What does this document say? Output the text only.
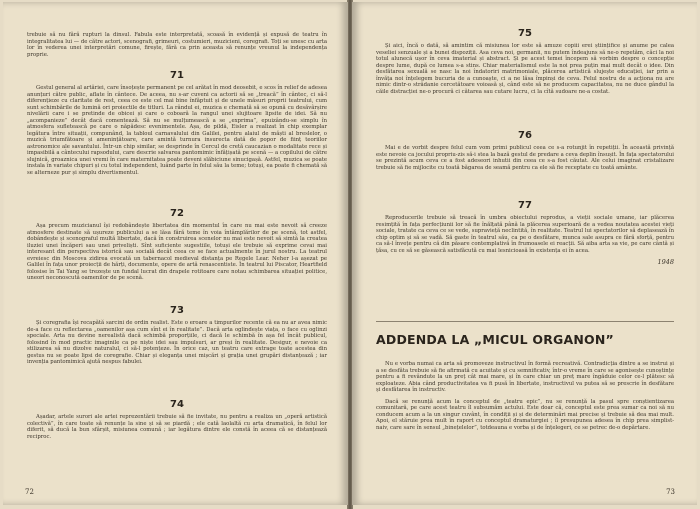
trebuie să nu fără rupturi la dinsul. Fabula este interpretată, scoasă în evidență și expusă de teatru în integralitatea lui — de către actori, scenografi, grimeuri, costumieri, muzicieni, coregrafi. Toți se unesc cu arta lor în vederea unei interpretări comune, firește, fără ca prin aceasta să renunțe vreunul la independența proprie.

71

Gestul general al artăriei, care însoțește permanent pe cel arătat în mod deosebit, e scos în relief de adesea anunțuri către public, aflate în cântece. De aceea, nu s-ar cuveni ca actorii să se „treacă” în cântec, ci să-l diferențieze cu claritate de rest, ceea ce este cel mai bine înfăptuit și de unele măsuri proprii teatrului, cum sunt schimbările de lumină ori proiectile de titluri. La rândul ei, muzica e chemată să se opună cu desăvârșire nivelării care i se pretinde de obicei și care o coboară la rangul unei slujitoare lipsite de idei. Să nu „acompanieze” decât dacă comentează. Să nu se mulțumească a se „exprima”, epuizându-se simplu în atmosfera sufletească pe care o năpădesc evenimentele. Așa, de pildă, Eisler a realizat în chip exemplar legătura între situații, compunând, la tabloul carnavalului din Galilei, pentru alaiul de măști al breslelor, o muzică triumfătoare și amenințătoare, care amintă turnura insurecta dată de popor de ființ teoriilor astronomice ale savantului. Într-un chip similar, se desprinde în Cercul de cretă caucazian o modalitate rece și impasibilă a cântecului rapsodului, care descrie salvarea pantomimic înfățișată pe scenă — a copilului de către slujnică, groaznica unei vremi în care maternitatea poate deveni slăbiciune sinucigașă. Astfel, muzica se poate instala în variate chipuri și cu totul independent, luând parte în felul său la teme; totuși, ea poate fi chemată să se alterneze pur și simplu divertismentul.

72

Așa precum muzicianul își redobândește libertatea din momentul în care nu mai este nevoit să creeze atmosfere destinate să ușureze publicului a se lăsa fără teme în voia întâmplărilor de pe scenă, tot astfel, dobândește și scenograful multă libertate, dacă în construirea scenelor nu mai este nevoit să simtă la createa iluziei unei încăperi sau unei priveliști. Sînt suficiente sugestiile, totuși ele trebuie să exprime cevai mai interesant din perspectiva istorică sau socială decât ceea ce se face actualmente în jurul nostru. La teatrul evreiesc din Moscova zidirea evocată un tabernacol medieval distanța pe Regele Lear. Neher l-a așezat pe Galilei în fața unor proiecții de hărți, documente, opere de artă renascentiste. În teatrul lui Piscator, Heartfield folosise în Tai Yang se trezește un fundal lucrat din drapele rotitoare care notau schimbarea situației politice, uneori neconoscută oamenilor de pe scenă.

73

Și coregrafia își recapătă sarcini de ordin realist. Este o eroare a timpurilor recente că ea nu ar avea nimic de-a face cu reflectarea „oamenilor așa cum sînt ei în realitate”. Dacă arta oglindește viața, o face cu oglinzi speciale. Arta nu devine nerealistă dacă schimbă proporțiile, ci dacă le schimbă în așa fel încât publicul, folosind în mod practic imaginile ca pe niște idei sau impulsuri, ar greși în realitate. Desigur, e nevoie ca stilizarea să nu dizolve naturalul, ci să-l potențeze. În orice caz, un teatru care extrage toate acestea din gestus nu se poate lipsi de coregrafie. Chiar și eleganța unei mișcări și grația unei grupări distanțează ; iar invenția pantomimică ajută nespus fabulei.

74

Așadar, artele surori ale artei reprezentării trebuie să fie invitate, nu pentru a realiza un „operă artistică colectivă”, în care toate să renunțe la sine și să se piardă ; ele cată laolaltă cu arta dramatică, în felul lor diferit, să ducă la bun sfârșit, misiunea comună ; iar legătura dintre ele constă în aceea că se distanțează reciproc.

72

75

Și aici, încă o dată, să amintim că misiunea lor este să amuze copiii erei științifice și anume pe calea veseliei senzuale și a bunei dispoziții. Asa ceva noi, germanii, nu putem îndeajuns să ne-o repetăm, căci la noi totul alunecă ușor în ceva imaterial și abstract. Și pe acest temei începem să vorbim despre o concepție despre lume, după ce lumea s-a stins. Chiar materialismul este la noi prea puțin mai mult decât o idee. Din desfătarea sexuală se nasc la noi îndatoriri matrimoniale, plăcerea artistică slujește educației, iar prin a învăța noi înțelegem bucuria de a cunoaște, ci a ne lăsa împinși de ceva. Felul nostru de a acționa nu are nimic dintr-o strădanie cercetătoare voioasă și, când este să ne producem capacitatea, nu ne duce gândul la căile distracției ne-o procură ci cătarea sau cutare lucru, ci la cîtă sudoare ne-a costat.

76

Mai e de vorbit despre felul cum vom primi publicul ceea ce s-a rotunjit în repetiții. În această privință este nevoie ca jocului propriu-zis să-i stea la bază gestul de predare a ceva deplin însușit. În fața spectatorului se prezintă acum ceva ce a fost adeseori inhutii din ceea ce s-a fost căutat. Ale celui imaginat cristalizare trebuie să fie mijlocite cu toată băgarea de seamă pentru ca ele să fie receptate cu toată amânte.

77

Reproducerile trebuie să treacă în umbra obiectului reprodus, a vieții sociale umane, iar plăcerea resimțită în fața perfecțiunii lor să fie înălțată până la plăcerea superioară de a vedea noutatea acestei vieți sociale, tratate ca ceva ce se vede, supravieță neclintită, în realitate. Teatrul lui spectatorilor să deplasează în chip optim și să se vadă. Să gaste în teatrul său, ca pe o desfătare, munca sale asupra ce fără sforță, pentru ca să-l învețe pentru că din păsare contemplativă în frumoasele ei reacții. Să aiba arta sa vie, pe care cântă și țăsa, cu ce să se găsească satisfăcută cu mai lesnicioasă în existența ei în acea.

1948

ADDENDA LA „MICUL ORGANON”

Nu e vorba numai ca arta să promoveze instructivul în formă recreativă. Contradicția dintre a se instrui și a se desfăta trebuie să fie afirmată cu acuitate și cu semnificativ, într-o vreme în care se agonisește cunoștințe pentru a fi revândute la un preț cât mai mare, și în care chiar un preț mare îngăduie celor ce-l plătesc să exploateze. Abia când productivitatea va fi pusă în libertate, instructivul va putea să se prescrie în desfătare și desfătarea în instructiv.

Dacă se renunță acum la conceptul de „teatru epic”, nu se renunță la pasul spre conștientizarea comunitară, pe care acest teatru îl subsumăm actului. Este doar că, conceptul este prea sumar ca noi să nu conducem acum a la un singur cuvânt, în condiții și și de determinări mai precise și trebuie să dea mai mult. Apoi, el stăruie prea mult în raport cu conceptul dramaturgiei ; îl presupunea adesea în chip prea simplist-naiv, care sare în sensul „binețelelor”, totdeauna e vorba și de înțelegeri, ce se petrec de-o depărtare.

73
